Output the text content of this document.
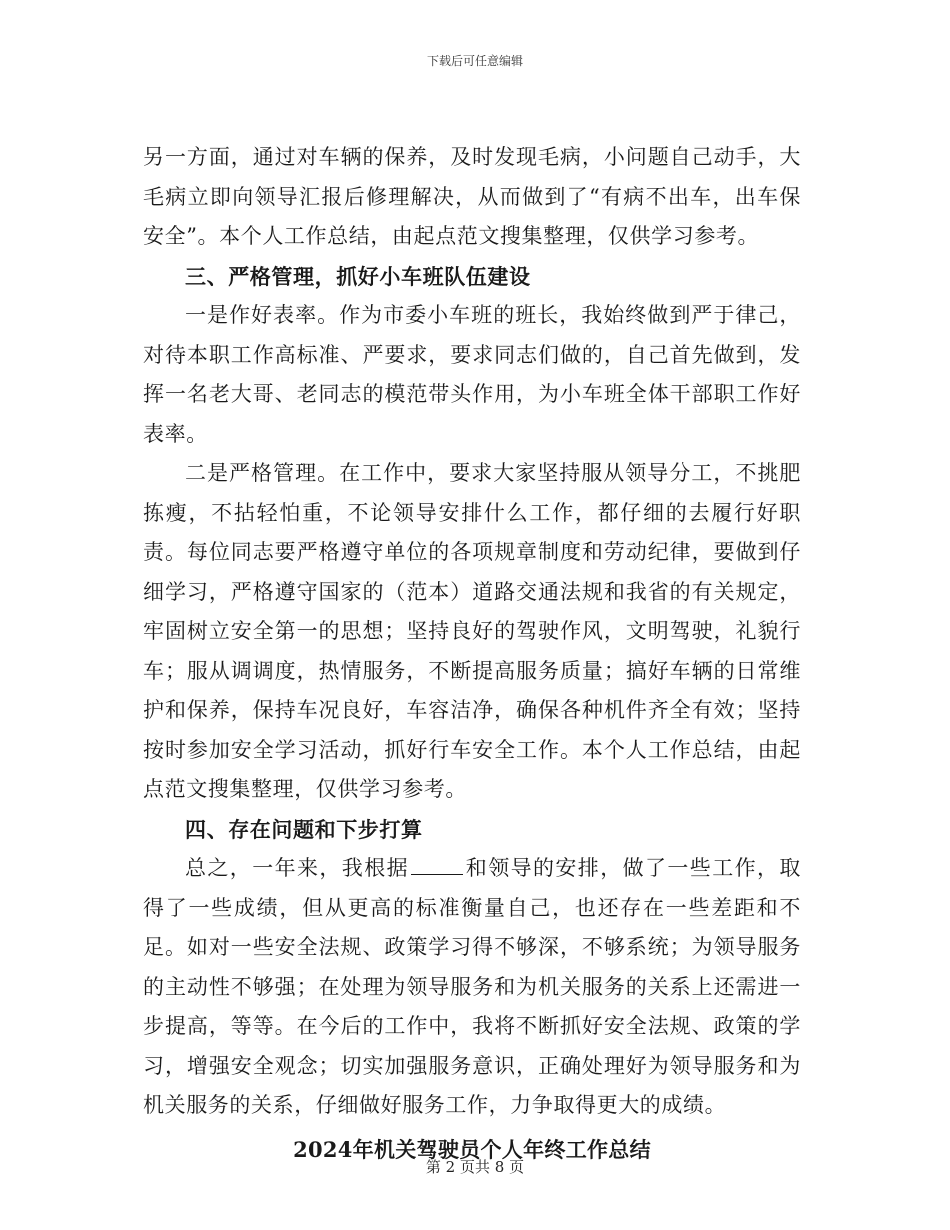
下载后可任意编辑

另一方面，通过对车辆的保养，及时发现毛病，小问题自己动手，大毛病立即向领导汇报后修理解决，从而做到了“有病不出车，出车保安全”。本个人工作总结，由起点范文搜集整理，仅供学习参考。

三、严格管理，抓好小车班队伍建设

一是作好表率。作为市委小车班的班长，我始终做到严于律己，对待本职工作高标准、严要求，要求同志们做的，自己首先做到，发挥一名老大哥、老同志的模范带头作用，为小车班全体干部职工作好表率。

二是严格管理。在工作中，要求大家坚持服从领导分工，不挑肥拣瘦，不拈轻怕重，不论领导安排什么工作，都仔细的去履行好职责。每位同志要严格遵守单位的各项规章制度和劳动纪律，要做到仔细学习，严格遵守国家的（范本）道路交通法规和我省的有关规定，牢固树立安全第一的思想；坚持良好的驾驶作风，文明驾驶，礼貌行车；服从调调度，热情服务，不断提高服务质量；搞好车辆的日常维护和保养，保持车况良好，车容洁净，确保各种机件齐全有效；坚持按时参加安全学习活动，抓好行车安全工作。本个人工作总结，由起点范文搜集整理，仅供学习参考。

四、存在问题和下步打算

总之，一年来，我根据	和领导的安排，做了一些工作，取得了一些成绩，但从更高的标准衡量自己，也还存在一些差距和不足。如对一些安全法规、政策学习得不够深，不够系统；为领导服务的主动性不够强；在处理为领导服务和为机关服务的关系上还需进一步提高，等等。在今后的工作中，我将不断抓好安全法规、政策的学习，增强安全观念；切实加强服务意识，正确处理好为领导服务和为机关服务的关系，仔细做好服务工作，力争取得更大的成绩。

2024年机关驾驶员个人年终工作总结

第 2 页共 8 页
